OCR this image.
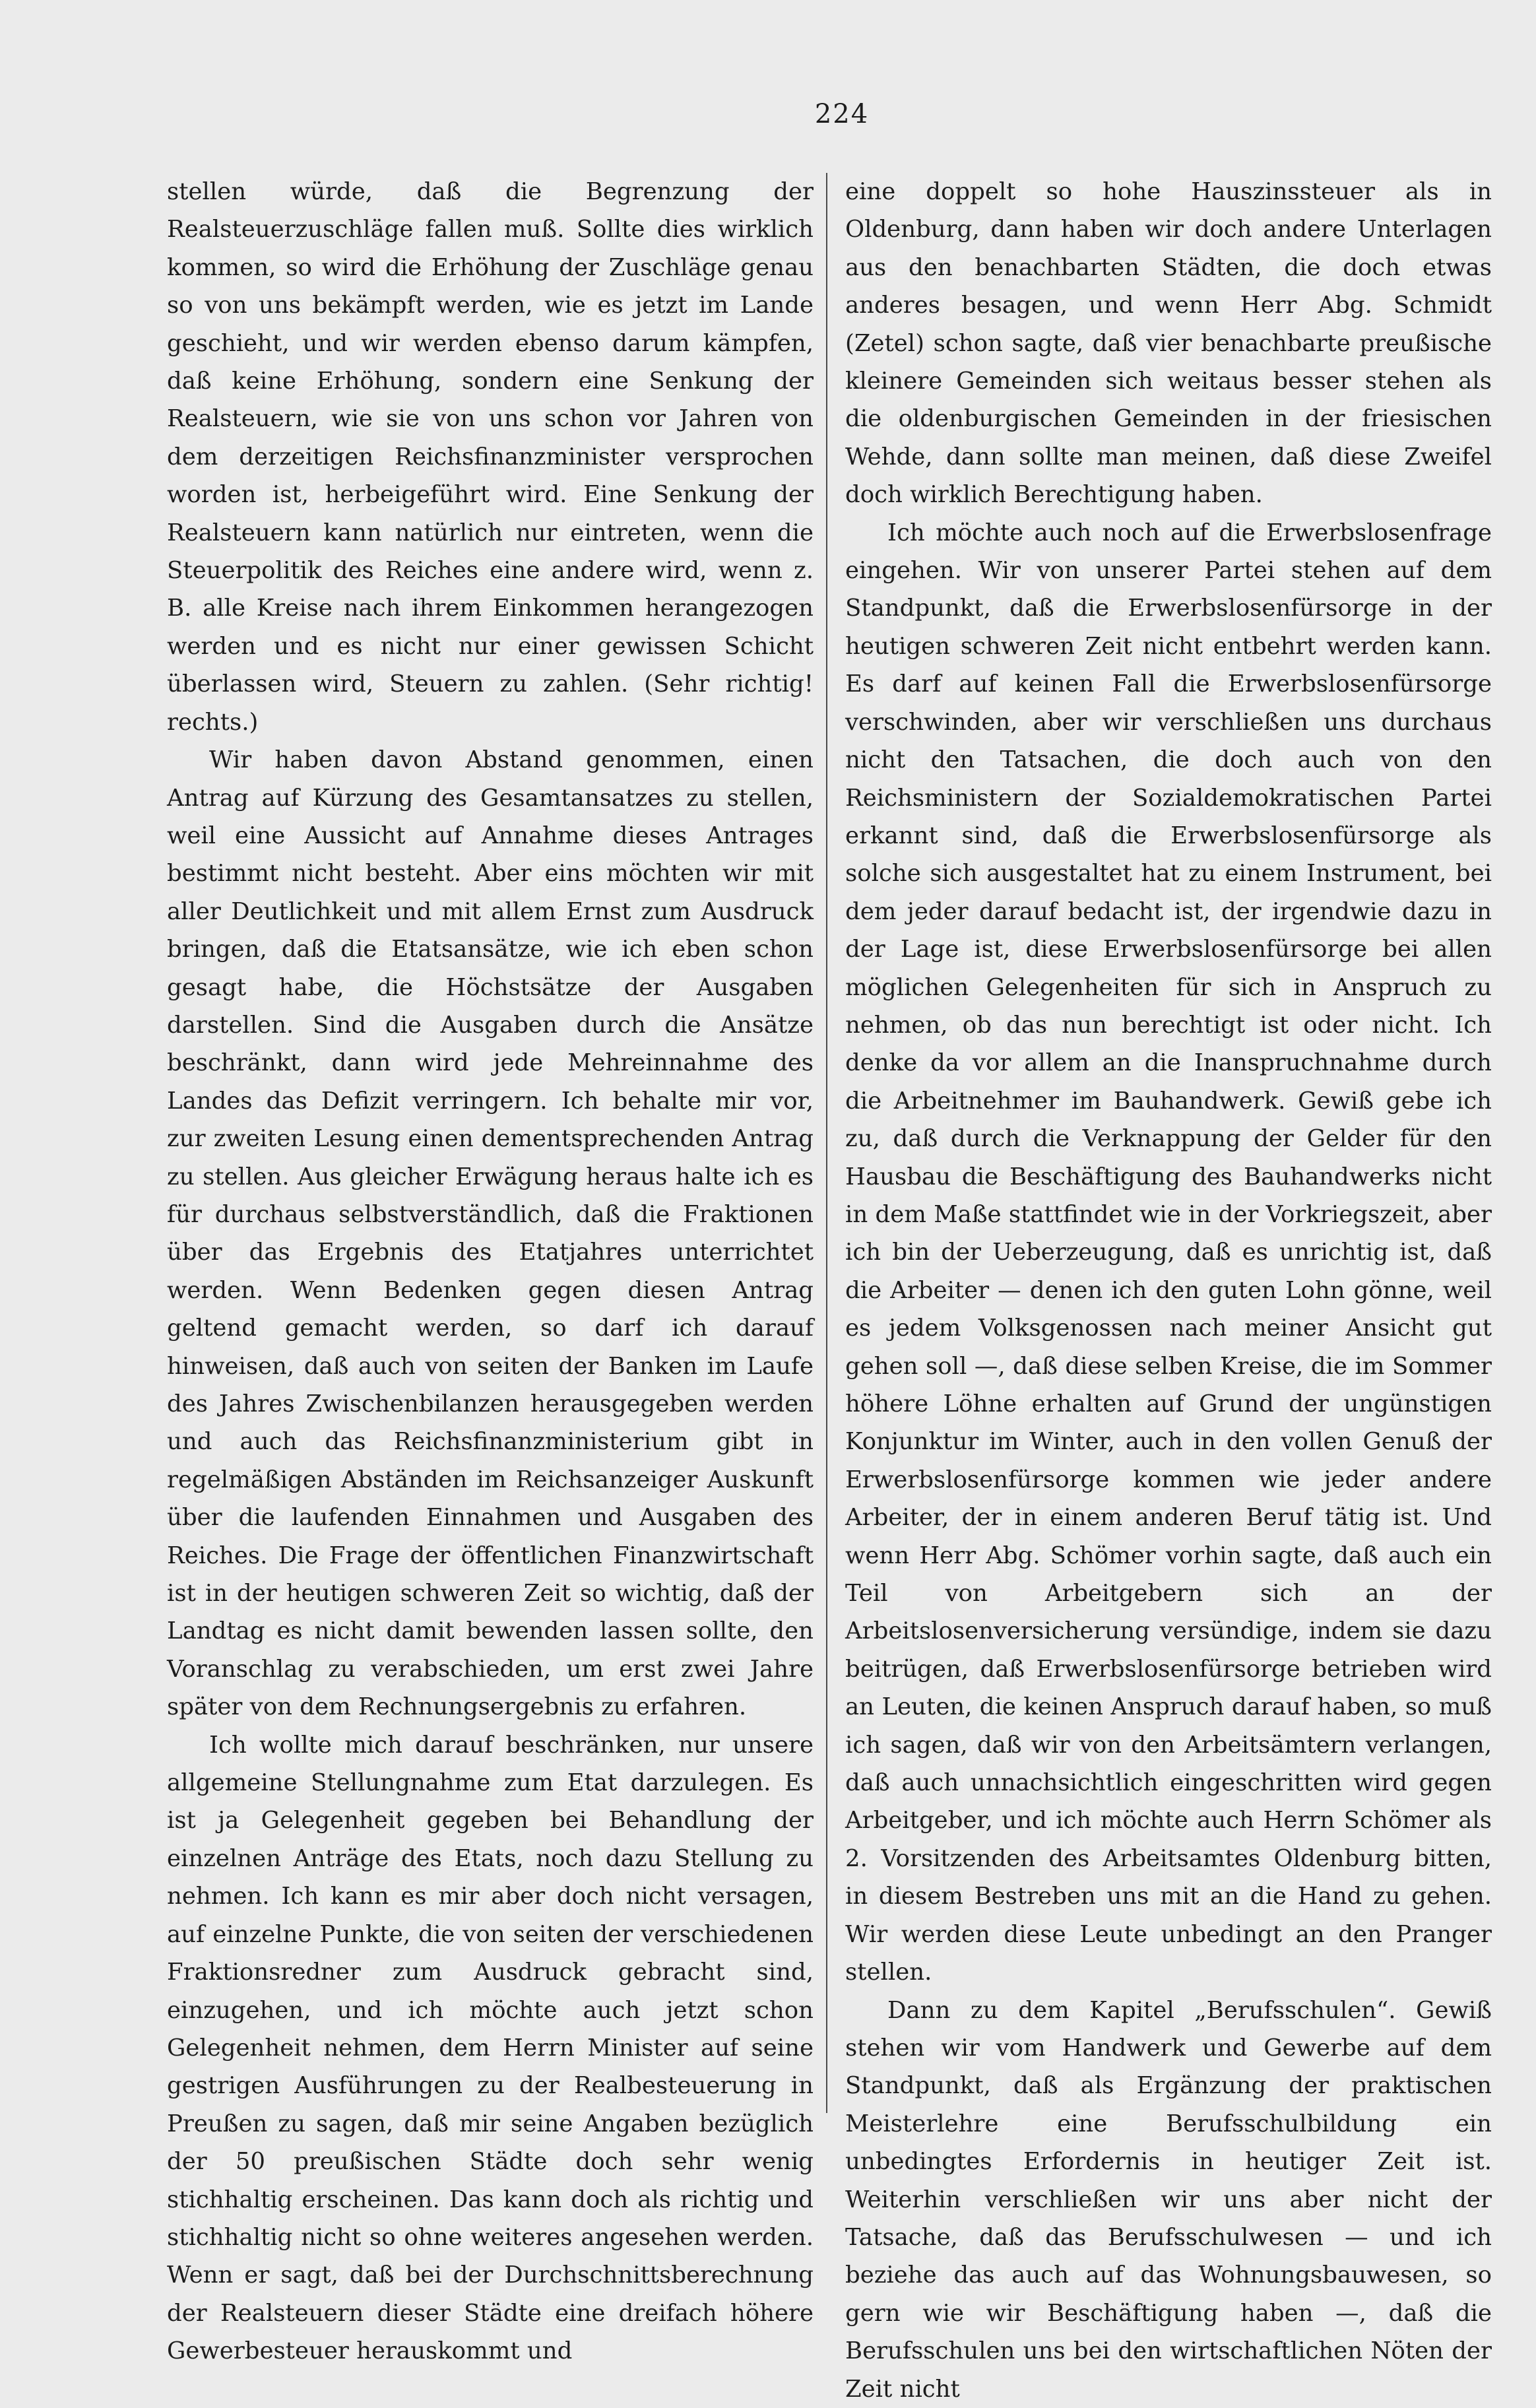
224

stellen würde, daß die Begrenzung der Realsteuerzuschläge fallen muß. Sollte dies wirklich kommen, so wird die Erhöhung der Zuschläge genau so von uns bekämpft werden, wie es jetzt im Lande geschieht, und wir werden ebenso darum kämpfen, daß keine Erhöhung, sondern eine Senkung der Realsteuern, wie sie von uns schon vor Jahren von dem derzeitigen Reichsfinanzminister versprochen worden ist, herbeigeführt wird. Eine Senkung der Realsteuern kann natürlich nur eintreten, wenn die Steuerpolitik des Reiches eine andere wird, wenn z. B. alle Kreise nach ihrem Einkommen herangezogen werden und es nicht nur einer gewissen Schicht überlassen wird, Steuern zu zahlen. (Sehr richtig! rechts.)

Wir haben davon Abstand genommen, einen Antrag auf Kürzung des Gesamtansatzes zu stellen, weil eine Aussicht auf Annahme dieses Antrages bestimmt nicht besteht. Aber eins möchten wir mit aller Deutlichkeit und mit allem Ernst zum Ausdruck bringen, daß die Etatsansätze, wie ich eben schon gesagt habe, die Höchstsätze der Ausgaben darstellen. Sind die Ausgaben durch die Ansätze beschränkt, dann wird jede Mehreinnahme des Landes das Defizit verringern. Ich behalte mir vor, zur zweiten Lesung einen dementsprechenden Antrag zu stellen. Aus gleicher Erwägung heraus halte ich es für durchaus selbstverständlich, daß die Fraktionen über das Ergebnis des Etatjahres unterrichtet werden. Wenn Bedenken gegen diesen Antrag geltend gemacht werden, so darf ich darauf hinweisen, daß auch von seiten der Banken im Laufe des Jahres Zwischenbilanzen herausgegeben werden und auch das Reichsfinanzministerium gibt in regelmäßigen Abständen im Reichsanzeiger Auskunft über die laufenden Einnahmen und Ausgaben des Reiches. Die Frage der öffentlichen Finanzwirtschaft ist in der heutigen schweren Zeit so wichtig, daß der Landtag es nicht damit bewenden lassen sollte, den Voranschlag zu verabschieden, um erst zwei Jahre später von dem Rechnungsergebnis zu erfahren.

Ich wollte mich darauf beschränken, nur unsere allgemeine Stellungnahme zum Etat darzulegen. Es ist ja Gelegenheit gegeben bei Behandlung der einzelnen Anträge des Etats, noch dazu Stellung zu nehmen. Ich kann es mir aber doch nicht versagen, auf einzelne Punkte, die von seiten der verschiedenen Fraktionsredner zum Ausdruck gebracht sind, einzugehen, und ich möchte auch jetzt schon Gelegenheit nehmen, dem Herrn Minister auf seine gestrigen Ausführungen zu der Realbesteuerung in Preußen zu sagen, daß mir seine Angaben bezüglich der 50 preußischen Städte doch sehr wenig stichhaltig erscheinen. Das kann doch als richtig und stichhaltig nicht so ohne weiteres angesehen werden. Wenn er sagt, daß bei der Durchschnittsberechnung der Realsteuern dieser Städte eine dreifach höhere Gewerbesteuer herauskommt und

eine doppelt so hohe Hauszinssteuer als in Oldenburg, dann haben wir doch andere Unterlagen aus den benachbarten Städten, die doch etwas anderes besagen, und wenn Herr Abg. Schmidt (Zetel) schon sagte, daß vier benachbarte preußische kleinere Gemeinden sich weitaus besser stehen als die oldenburgischen Gemeinden in der friesischen Wehde, dann sollte man meinen, daß diese Zweifel doch wirklich Berechtigung haben.

Ich möchte auch noch auf die Erwerbslosenfrage eingehen. Wir von unserer Partei stehen auf dem Standpunkt, daß die Erwerbslosenfürsorge in der heutigen schweren Zeit nicht entbehrt werden kann. Es darf auf keinen Fall die Erwerbslosenfürsorge verschwinden, aber wir verschließen uns durchaus nicht den Tatsachen, die doch auch von den Reichsministern der Sozialdemokratischen Partei erkannt sind, daß die Erwerbslosenfürsorge als solche sich ausgestaltet hat zu einem Instrument, bei dem jeder darauf bedacht ist, der irgendwie dazu in der Lage ist, diese Erwerbslosenfürsorge bei allen möglichen Gelegenheiten für sich in Anspruch zu nehmen, ob das nun berechtigt ist oder nicht. Ich denke da vor allem an die Inanspruchnahme durch die Arbeitnehmer im Bauhandwerk. Gewiß gebe ich zu, daß durch die Verknappung der Gelder für den Hausbau die Beschäftigung des Bauhandwerks nicht in dem Maße stattfindet wie in der Vorkriegszeit, aber ich bin der Ueberzeugung, daß es unrichtig ist, daß die Arbeiter — denen ich den guten Lohn gönne, weil es jedem Volksgenossen nach meiner Ansicht gut gehen soll —, daß diese selben Kreise, die im Sommer höhere Löhne erhalten auf Grund der ungünstigen Konjunktur im Winter, auch in den vollen Genuß der Erwerbslosenfürsorge kommen wie jeder andere Arbeiter, der in einem anderen Beruf tätig ist. Und wenn Herr Abg. Schömer vorhin sagte, daß auch ein Teil von Arbeitgebern sich an der Arbeitslosenversicherung versündige, indem sie dazu beitrügen, daß Erwerbslosenfürsorge betrieben wird an Leuten, die keinen Anspruch darauf haben, so muß ich sagen, daß wir von den Arbeitsämtern verlangen, daß auch unnachsichtlich eingeschritten wird gegen Arbeitgeber, und ich möchte auch Herrn Schömer als 2. Vorsitzenden des Arbeitsamtes Oldenburg bitten, in diesem Bestreben uns mit an die Hand zu gehen. Wir werden diese Leute unbedingt an den Pranger stellen.

Dann zu dem Kapitel „Berufsschulen“. Gewiß stehen wir vom Handwerk und Gewerbe auf dem Standpunkt, daß als Ergänzung der praktischen Meisterlehre eine Berufsschulbildung ein unbedingtes Erfordernis in heutiger Zeit ist. Weiterhin verschließen wir uns aber nicht der Tatsache, daß das Berufsschulwesen — und ich beziehe das auch auf das Wohnungsbauwesen, so gern wie wir Beschäftigung haben —, daß die Berufsschulen uns bei den wirtschaftlichen Nöten der Zeit nicht
